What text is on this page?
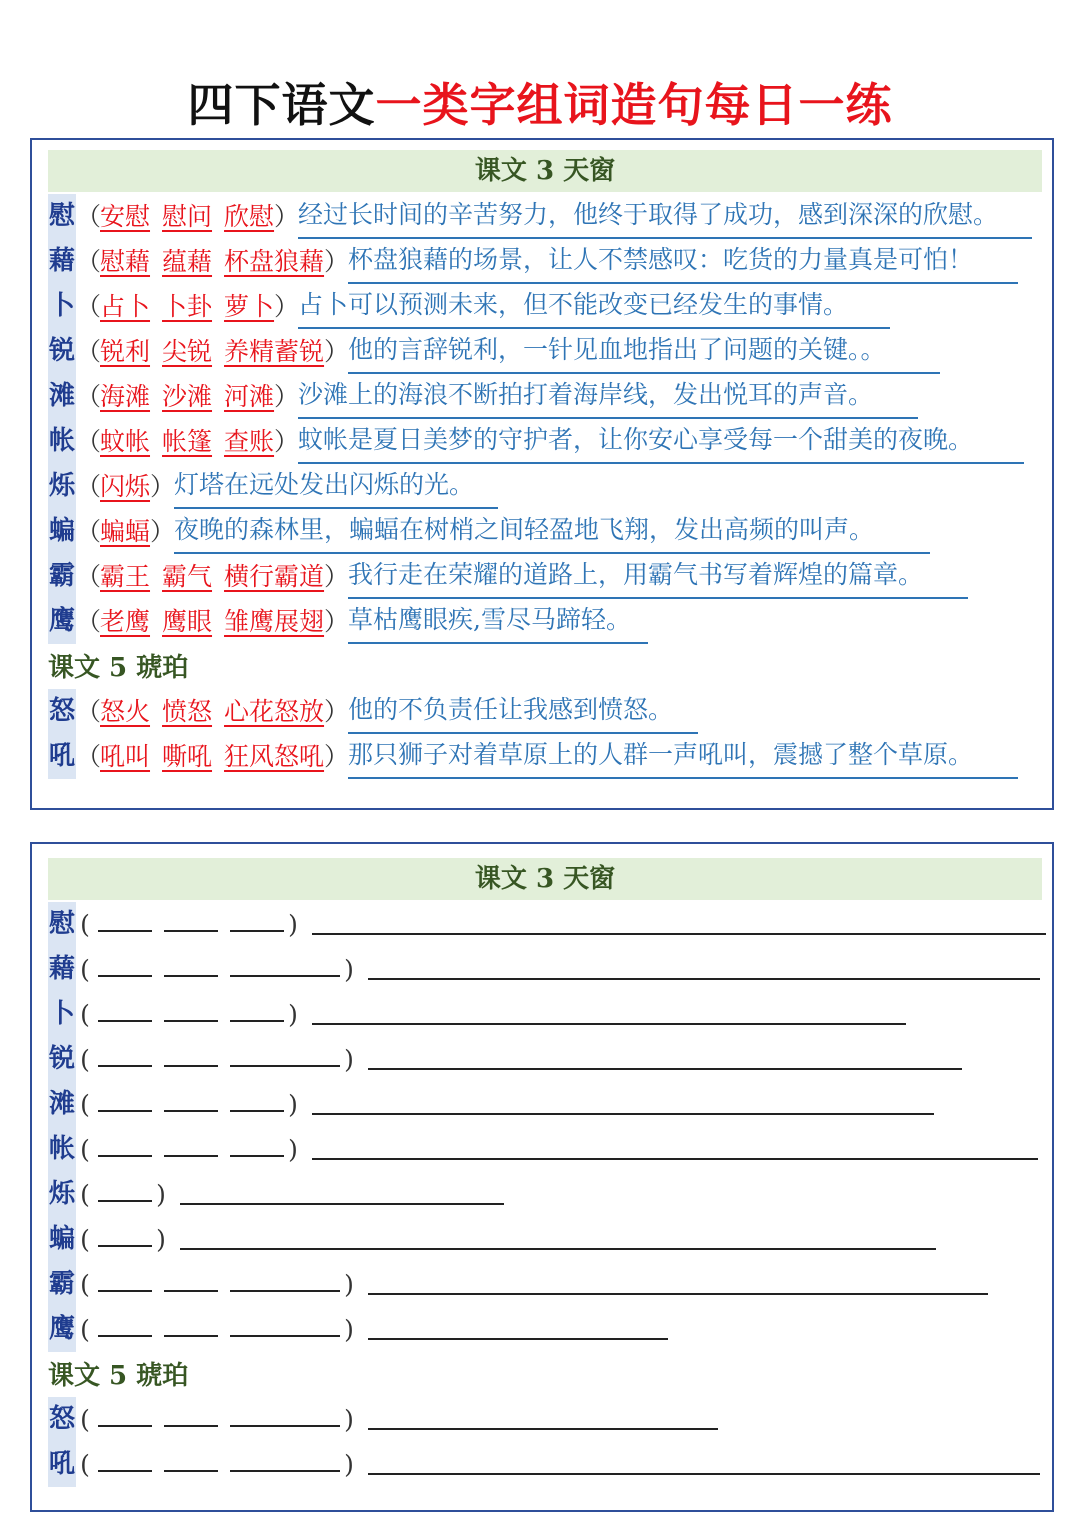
四下语文一类字组词造句每日一练
课文 3 天窗
慰（安慰 慰问 欣慰）经过长时间的辛苦努力，他终于取得了成功，感到深深的欣慰。
藉（慰藉 蕴藉 杯盘狼藉）杯盘狼藉的场景，让人不禁感叹：吃货的力量真是可怕！
卜（占卜 卜卦 萝卜）占卜可以预测未来，但不能改变已经发生的事情。
锐（锐利 尖锐 养精蓄锐）他的言辞锐利，一针见血地指出了问题的关键。。
滩（海滩 沙滩 河滩）沙滩上的海浪不断拍打着海岸线，发出悦耳的声音。
帐（蚊帐 帐篷 查账）蚊帐是夏日美梦的守护者，让你安心享受每一个甜美的夜晚。
烁（闪烁）灯塔在远处发出闪烁的光。
蝙（蝙蝠）夜晚的森林里，蝙蝠在树梢之间轻盈地飞翔，发出高频的叫声。
霸（霸王 霸气 横行霸道）我行走在荣耀的道路上，用霸气书写着辉煌的篇章。
鹰（老鹰 鹰眼 雏鹰展翅）草枯鹰眼疾,雪尽马蹄轻。
课文 5 琥珀
怒（怒火 愤怒 心花怒放）他的不负责任让我感到愤怒。
吼（吼叫 嘶吼 狂风怒吼）那只狮子对着草原上的人群一声吼叫，震撼了整个草原。
课文 3 天窗
慰 (	)
藉 (	)
卜 (	)
锐 (	)
滩 (	)
帐 (	)
烁 (	)
蝙 (	)
霸 (	)
鹰 (	)
课文 5 琥珀
怒 (	)
吼 (	)
